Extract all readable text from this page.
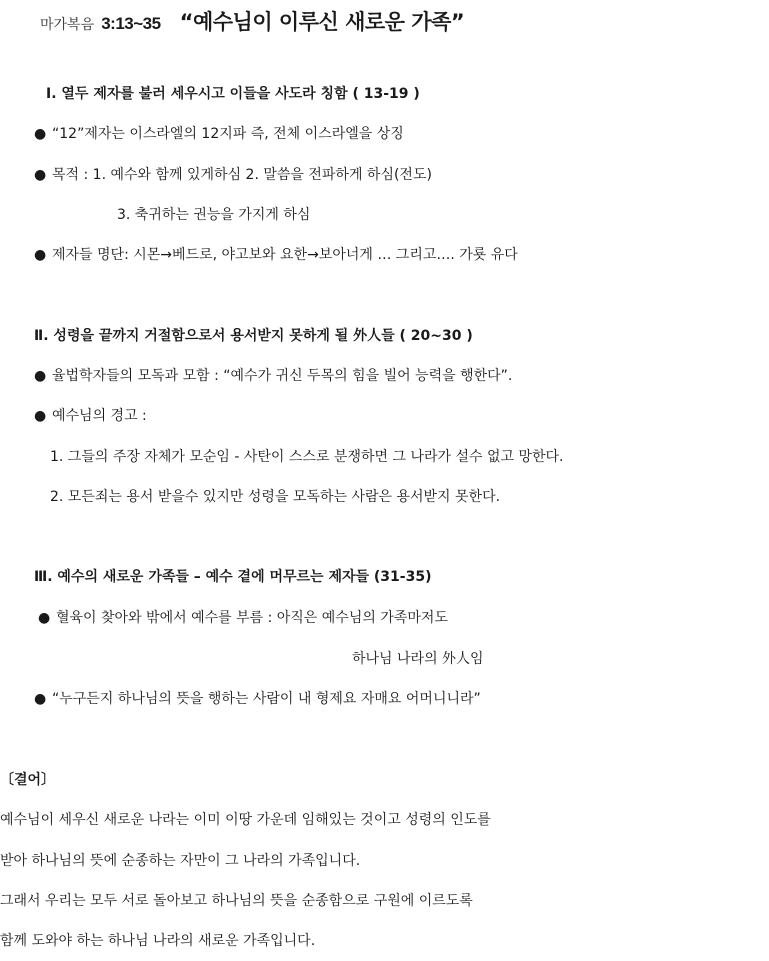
마가복음 3:13~35 “예수님이 이루신 새로운 가족”
Ⅰ. 열두 제자를 불러 세우시고 이들을 사도라 칭함 ( 13-19 )
● “12”제자는 이스라엘의 12지파 즉, 전체 이스라엘을 상징
● 목적 : 1. 예수와 함께 있게하심 2. 말씀을 전파하게 하심(전도)
3. 축귀하는 권능을 가지게 하심
● 제자들 명단: 시몬→베드로, 야고보와 요한→보아너게 … 그리고…. 가룟 유다
Ⅱ. 성령을 끝까지 거절함으로서 용서받지 못하게 될 外人들 ( 20~30 )
● 율법학자들의 모독과 모함 : “예수가 귀신 두목의 힘을 빌어 능력을 행한다”.
● 예수님의 경고 :
1. 그들의 주장 자체가 모순임 - 사탄이 스스로 분쟁하면 그 나라가 설수 없고 망한다.
2. 모든죄는 용서 받을수 있지만 성령을 모독하는 사람은 용서받지 못한다.
Ⅲ. 예수의 새로운 가족들 – 예수 곁에 머무르는 제자들 (31-35)
● 혈육이 찾아와 밖에서 예수를 부름 : 아직은 예수님의 가족마저도
하나님 나라의 外人임
● “누구든지 하나님의 뜻을 행하는 사람이 내 형제요 자매요 어머니니라”
〔결어〕
예수님이 세우신 새로운 나라는 이미 이땅 가운데 임해있는 것이고 성령의 인도를
받아 하나님의 뜻에 순종하는 자만이 그 나라의 가족입니다.
그래서 우리는 모두 서로 돌아보고 하나님의 뜻을 순종함으로 구원에 이르도록
함께 도와야 하는 하나님 나라의 새로운 가족입니다.
